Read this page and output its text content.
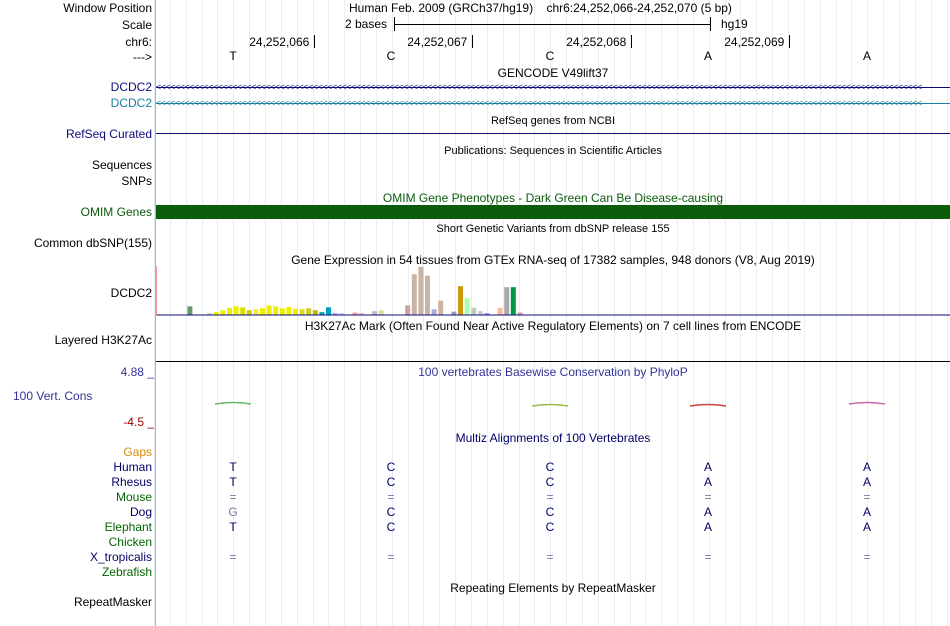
Window Position	Human Feb. 2009 (GRCh37/hg19) chr6:24,252,066-24,252,070 (5 bp)
Scale	2 bases	hg19
chr6:	24,252,066	24,252,067	24,252,068	24,252,069
--->	T	C	C	A	A
GENCODE V49lift37
DCDC2 <<<<<<<<<<<<<<<<<<<<<<<<<<<<<<<<<<<<<<<<<<<<<<<<<<<<<<<<<<<<<<<<<<<<<<<<<<<<<<<<<<<<<<<<<<<<<<<<<<<<<<<<<<<<<<<<<<<<<<<<<<<<<<<<<<<<<<<<<<<<<<<<<<<<<<<<<<<<<<<<<
DCDC2 <<<<<<<<<<<<<<<<<<<<<<<<<<<<<<<<<<<<<<<<<<<<<<<<<<<<<<<<<<<<<<<<<<<<<<<<<<<<<<<<<<<<<<<<<<<<<<<<<<<<<<<<<<<<<<<<<<<<<<<<<<<<<<<<<<<<<<<<<<<<<<<<<<<<<<<<<<<<<<<<<
RefSeq genes from NCBI
RefSeq Curated
Publications: Sequences in Scientific Articles
Sequences
SNPs
OMIM Gene Phenotypes - Dark Green Can Be Disease-causing
OMIM Genes
Short Genetic Variants from dbSNP release 155
Common dbSNP(155)
Gene Expression in 54 tissues from GTEx RNA-seq of 17382 samples, 948 donors (V8, Aug 2019)
DCDC2
H3K27Ac Mark (Often Found Near Active Regulatory Elements) on 7 cell lines from ENCODE
Layered H3K27Ac
4.88 _	100 vertebrates Basewise Conservation by PhyloP
100 Vert. Cons
-4.5 _
Multiz Alignments of 100 Vertebrates
Gaps
Human	T	C	C	A	A
Rhesus	T	C	C	A	A
Mouse	=	=	=	=	=
Dog	G	C	C	A	A
Elephant	T	C	C	A	A
Chicken
X_tropicalis	=	=	=	=	=
Zebrafish
Repeating Elements by RepeatMasker
RepeatMasker
